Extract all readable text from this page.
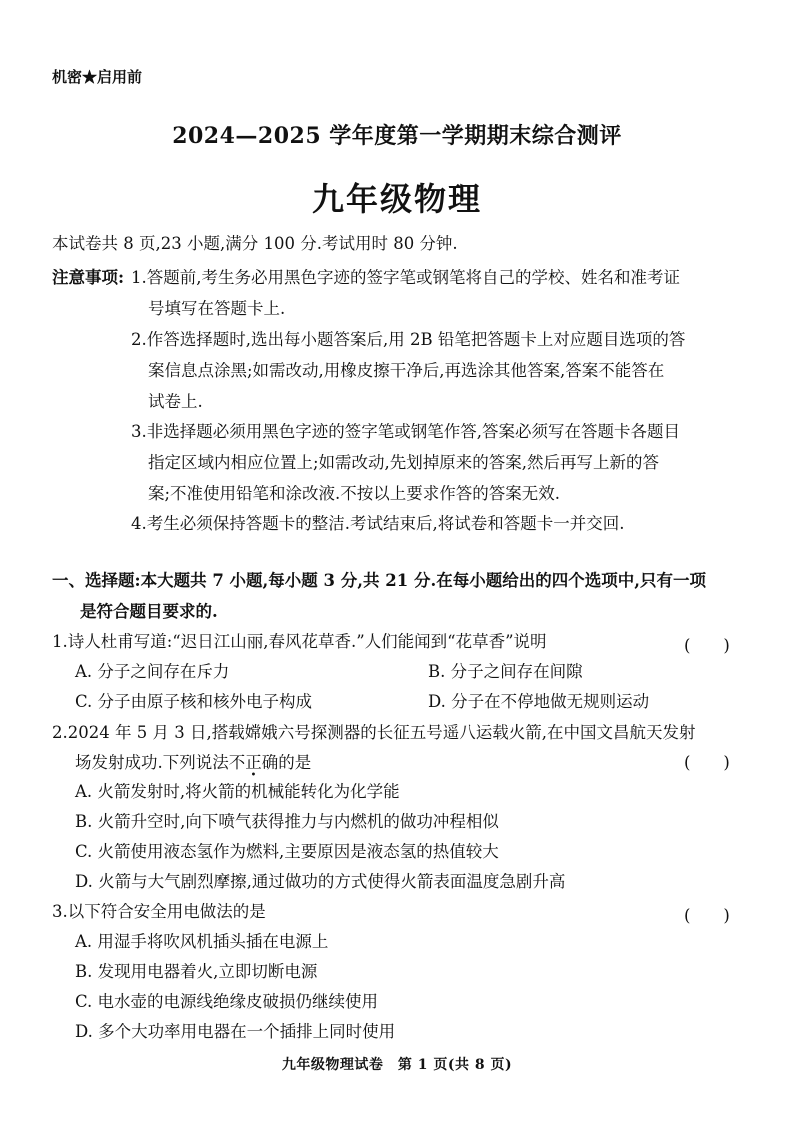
机密★启用前
2024—2025 学年度第一学期期末综合测评
九年级物理
本试卷共 8 页,23 小题,满分 100 分.考试用时 80 分钟.
注意事项: 1.答题前,考生务必用黑色字迹的签字笔或钢笔将自己的学校、姓名和准考证
号填写在答题卡上.
2.作答选择题时,选出每小题答案后,用 2B 铅笔把答题卡上对应题目选项的答
案信息点涂黑;如需改动,用橡皮擦干净后,再选涂其他答案,答案不能答在
试卷上.
3.非选择题必须用黑色字迹的签字笔或钢笔作答,答案必须写在答题卡各题目
指定区域内相应位置上;如需改动,先划掉原来的答案,然后再写上新的答
案;不准使用铅笔和涂改液.不按以上要求作答的答案无效.
4.考生必须保持答题卡的整洁.考试结束后,将试卷和答题卡一并交回.
一、选择题:本大题共 7 小题,每小题 3 分,共 21 分.在每小题给出的四个选项中,只有一项
是符合题目要求的.
1.诗人杜甫写道:“迟日江山丽,春风花草香.”人们能闻到“花草香”说明	(　　)
A. 分子之间存在斥力	B. 分子之间存在间隙
C. 分子由原子核和核外电子构成	D. 分子在不停地做无规则运动
2.2024 年 5 月 3 日,搭载嫦娥六号探测器的长征五号遥八运载火箭,在中国文昌航天发射
场发射成功.下列说法不正确的是	(　　)
A. 火箭发射时,将火箭的机械能转化为化学能
B. 火箭升空时,向下喷气获得推力与内燃机的做功冲程相似
C. 火箭使用液态氢作为燃料,主要原因是液态氢的热值较大
D. 火箭与大气剧烈摩擦,通过做功的方式使得火箭表面温度急剧升高
3.以下符合安全用电做法的是	(　　)
A. 用湿手将吹风机插头插在电源上
B. 发现用电器着火,立即切断电源
C. 电水壶的电源线绝缘皮破损仍继续使用
D. 多个大功率用电器在一个插排上同时使用
九年级物理试卷　第 1 页(共 8 页)
